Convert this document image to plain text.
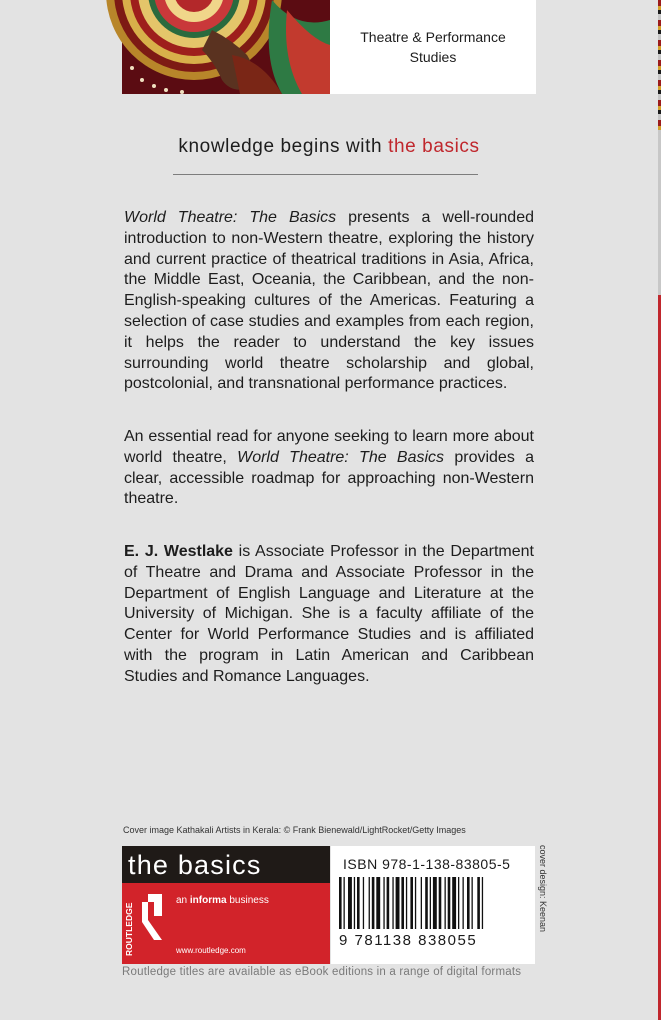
Theatre & Performance Studies
knowledge begins with the basics
World Theatre: The Basics presents a well-rounded introduction to non-Western theatre, exploring the history and current practice of theatrical traditions in Asia, Africa, the Middle East, Oceania, the Caribbean, and the non-English-speaking cultures of the Americas. Featuring a selection of case studies and examples from each region, it helps the reader to understand the key issues surrounding world theatre scholarship and global, postcolonial, and transnational performance practices.
An essential read for anyone seeking to learn more about world theatre, World Theatre: The Basics provides a clear, accessible roadmap for approaching non-Western theatre.
E. J. Westlake is Associate Professor in the Department of Theatre and Drama and Associate Professor in the Department of English Language and Literature at the University of Michigan. She is a faculty affiliate of the Center for World Performance Studies and is affiliated with the program in Latin American and Caribbean Studies and Romance Languages.
Cover image Kathakali Artists in Kerala: © Frank Bienewald/LightRocket/Getty Images
the basics
ROUTLEDGE
an informa business
www.routledge.com
ISBN 978-1-138-83805-5
9 781138 838055
cover design: Keenan
Routledge titles are available as eBook editions in a range of digital formats
